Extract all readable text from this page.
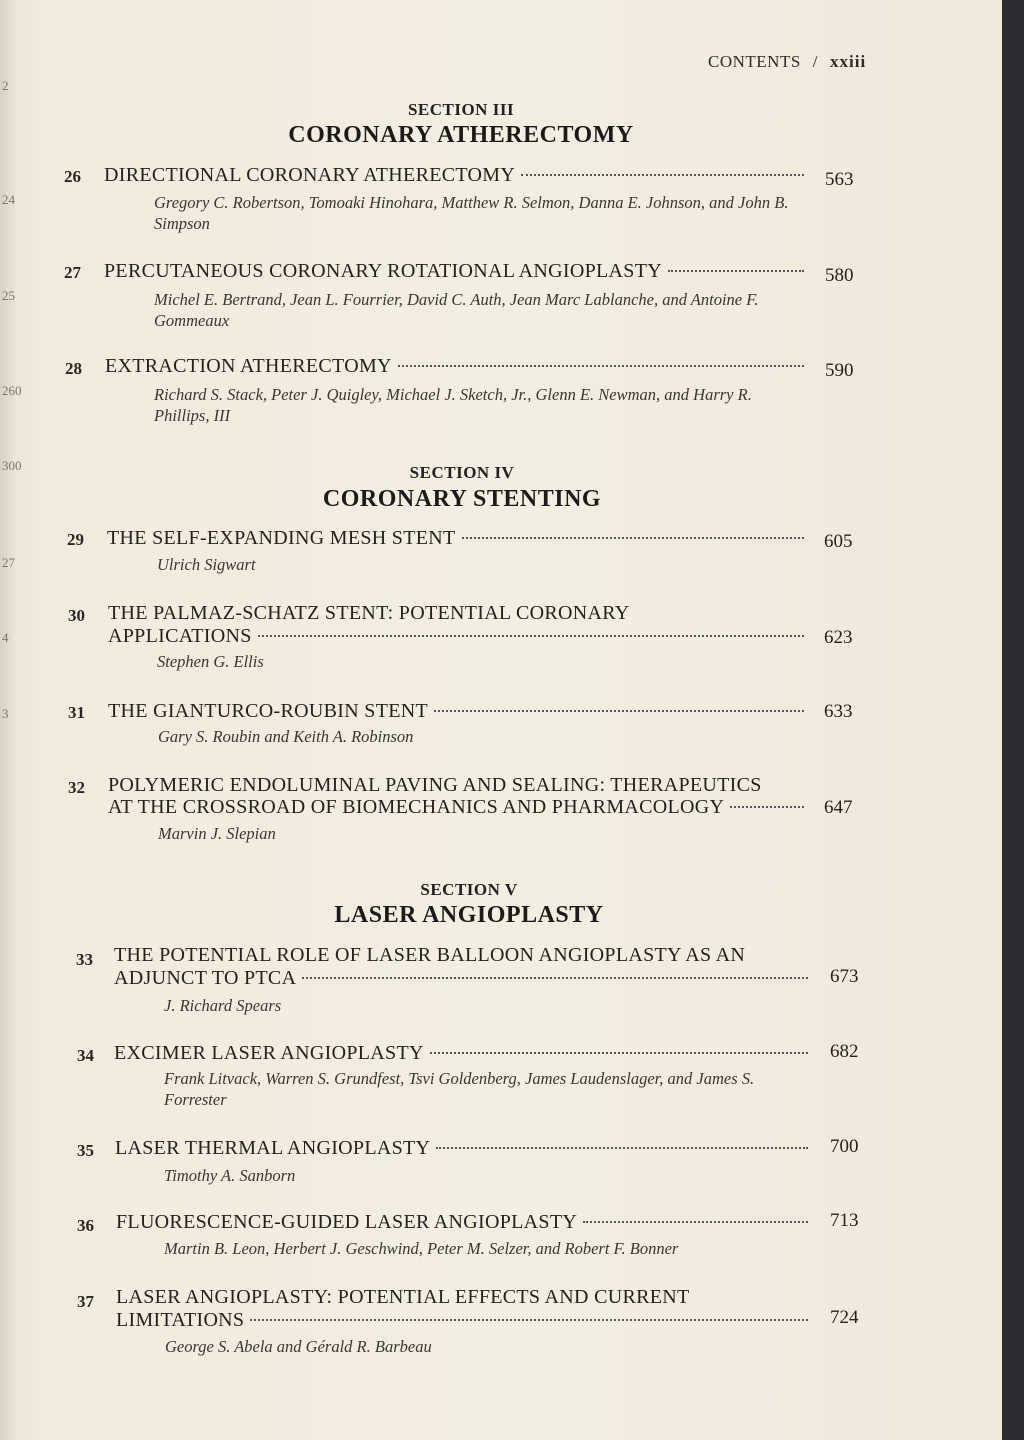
2
24
25
260
300
27
4
3
CONTENTS / xxiii
SECTION III
CORONARY ATHERECTOMY
26 DIRECTIONAL CORONARY ATHERECTOMY	563
Gregory C. Robertson, Tomoaki Hinohara, Matthew R. Selmon, Danna E. Johnson, and John B. Simpson
27 PERCUTANEOUS CORONARY ROTATIONAL ANGIOPLASTY	580
Michel E. Bertrand, Jean L. Fourrier, David C. Auth, Jean Marc Lablanche, and Antoine F. Gommeaux
28 EXTRACTION ATHERECTOMY	590
Richard S. Stack, Peter J. Quigley, Michael J. Sketch, Jr., Glenn E. Newman, and Harry R. Phillips, III
SECTION IV
CORONARY STENTING
29 THE SELF-EXPANDING MESH STENT	605
Ulrich Sigwart
30 THE PALMAZ-SCHATZ STENT: POTENTIAL CORONARY
APPLICATIONS	623
Stephen G. Ellis
31 THE GIANTURCO-ROUBIN STENT	633
Gary S. Roubin and Keith A. Robinson
32 POLYMERIC ENDOLUMINAL PAVING AND SEALING: THERAPEUTICS
AT THE CROSSROAD OF BIOMECHANICS AND PHARMACOLOGY	647
Marvin J. Slepian
SECTION V
LASER ANGIOPLASTY
33 THE POTENTIAL ROLE OF LASER BALLOON ANGIOPLASTY AS AN
ADJUNCT TO PTCA	673
J. Richard Spears
34 EXCIMER LASER ANGIOPLASTY	682
Frank Litvack, Warren S. Grundfest, Tsvi Goldenberg, James Laudenslager, and James S. Forrester
35 LASER THERMAL ANGIOPLASTY	700
Timothy A. Sanborn
36 FLUORESCENCE-GUIDED LASER ANGIOPLASTY	713
Martin B. Leon, Herbert J. Geschwind, Peter M. Selzer, and Robert F. Bonner
37 LASER ANGIOPLASTY: POTENTIAL EFFECTS AND CURRENT
LIMITATIONS	724
George S. Abela and Gérald R. Barbeau
